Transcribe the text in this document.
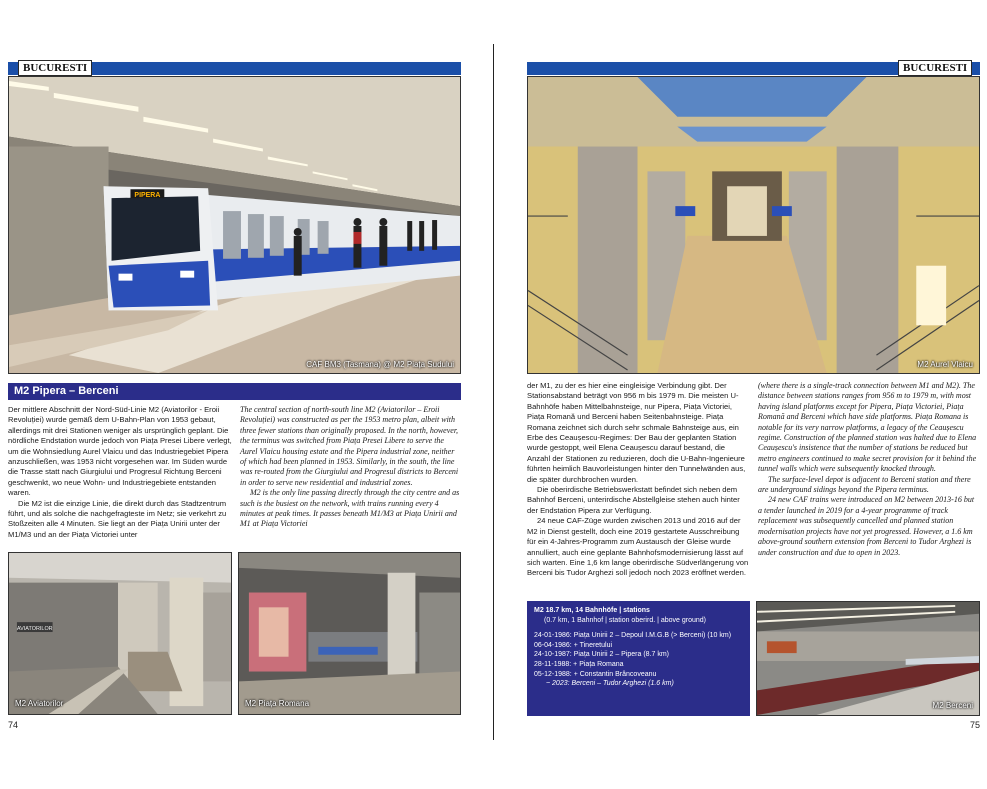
BUCURESTI
PIPERA
CAF BM3 (Tasmana) @ M2 Piața Sudului
M2 Pipera – Berceni

Der mittlere Abschnitt der Nord-Süd-Linie M2 (Aviatorilor - Eroii Revoluției) wurde gemäß dem U-Bahn-Plan von 1953 gebaut, allerdings mit drei Stationen weniger als ursprünglich geplant. Die nördliche Endstation wurde jedoch von Piața Presei Libere verlegt, um die Wohnsiedlung Aurel Vlaicu und das Industriegebiet Pipera anzuschließen, was 1953 nicht vorgesehen war. Im Süden wurde die Trasse statt nach Giurgiului und Progresul Richtung Berceni geschwenkt, wo neue Wohn- und Industriegebiete entstanden waren.

Die M2 ist die einzige Linie, die direkt durch das Stadtzentrum führt, und als solche die nachgefragteste im Netz; sie verkehrt zu Stoßzeiten alle 4 Minuten. Sie liegt an der Piața Unirii unter der M1/M3 und an der Piața Victoriei unter

The central section of north-south line M2 (Aviatorilor – Eroii Revoluției) was constructed as per the 1953 metro plan, albeit with three fewer stations than originally proposed. In the north, however, the terminus was switched from Piața Presei Libere to serve the Aurel Vlaicu housing estate and the Pipera industrial zone, neither of which had been planned in 1953. Similarly, in the south, the line was re-routed from the Giurgiului and Progresul districts to Berceni in order to serve new residential and industrial zones.

M2 is the only line passing directly through the city centre and as such is the busiest on the network, with trains running every 4 minutes at peak times. It passes beneath M1/M3 at Piața Unirii and M1 at Piața Victoriei

AVIATORILOR
M2 Aviatorilor	M2 Piața Romana
74
BUCURESTI
M2 Aurel Vlaicu

der M1, zu der es hier eine eingleisige Verbindung gibt. Der Stationsabstand beträgt von 956 m bis 1979 m. Die meisten U-Bahnhöfe haben Mittelbahnsteige, nur Pipera, Piața Victoriei, Piața Romană und Berceni haben Seitenbahnsteige. Piața Romana zeichnet sich durch sehr schmale Bahnsteige aus, ein Erbe des Ceaușescu-Regimes: Der Bau der geplanten Station wurde gestoppt, weil Elena Ceaușescu darauf bestand, die Anzahl der Stationen zu reduzieren, doch die U-Bahn-Ingenieure führten heimlich Bauvorleistungen hinter den Tunnelwänden aus, die später durchbrochen wurden.

Die oberirdische Betriebswerkstatt befindet sich neben dem Bahnhof Berceni, unterirdische Abstellgleise stehen auch hinter der Endstation Pipera zur Verfügung.

24 neue CAF-Züge wurden zwischen 2013 und 2016 auf der M2 in Dienst gestellt, doch eine 2019 gestartete Ausschreibung für ein 4-Jahres-Programm zum Austausch der Gleise wurde annulliert, auch eine geplante Bahnhofsmodernisierung lässt auf sich warten. Eine 1,6 km lange oberirdische Südverlängerung von Berceni bis Tudor Arghezi soll jedoch noch 2023 eröffnet werden.

(where there is a single-track connection between M1 and M2). The distance between stations ranges from 956 m to 1979 m, with most having island platforms except for Pipera, Piața Victoriei, Piața Romană and Berceni which have side platforms. Piața Romana is notable for its very narrow platforms, a legacy of the Ceaușescu regime. Construction of the planned station was halted due to Elena Ceaușescu's insistence that the number of stations be reduced but metro engineers continued to make secret provision for it behind the tunnel walls which were subsequently knocked through.

The surface-level depot is adjacent to Berceni station and there are underground sidings beyond the Pipera terminus.

24 new CAF trains were introduced on M2 between 2013-16 but a tender launched in 2019 for a 4-year programme of track replacement was subsequently cancelled and planned station modernisation projects have not yet progressed. However, a 1.6 km above-ground southern extension from Berceni to Tudor Arghezi is under construction and due to open in 2023.

75
M2 18.7 km, 14 Bahnhöfe | stations
(0.7 km, 1 Bahnhof | station oberird. | above ground)
24-01-1986: Piața Unirii 2 – Depoul I.M.G.B (> Berceni) (10 km)
06-04-1986: + Tineretului
24-10-1987: Piața Unirii 2 – Pipera (8.7 km)
28-11-1988: + Piața Romana
05-12-1988: + Constantin Brâncoveanu
~ 2023: Berceni – Tudor Arghezi (1.6 km)
M2 Berceni
